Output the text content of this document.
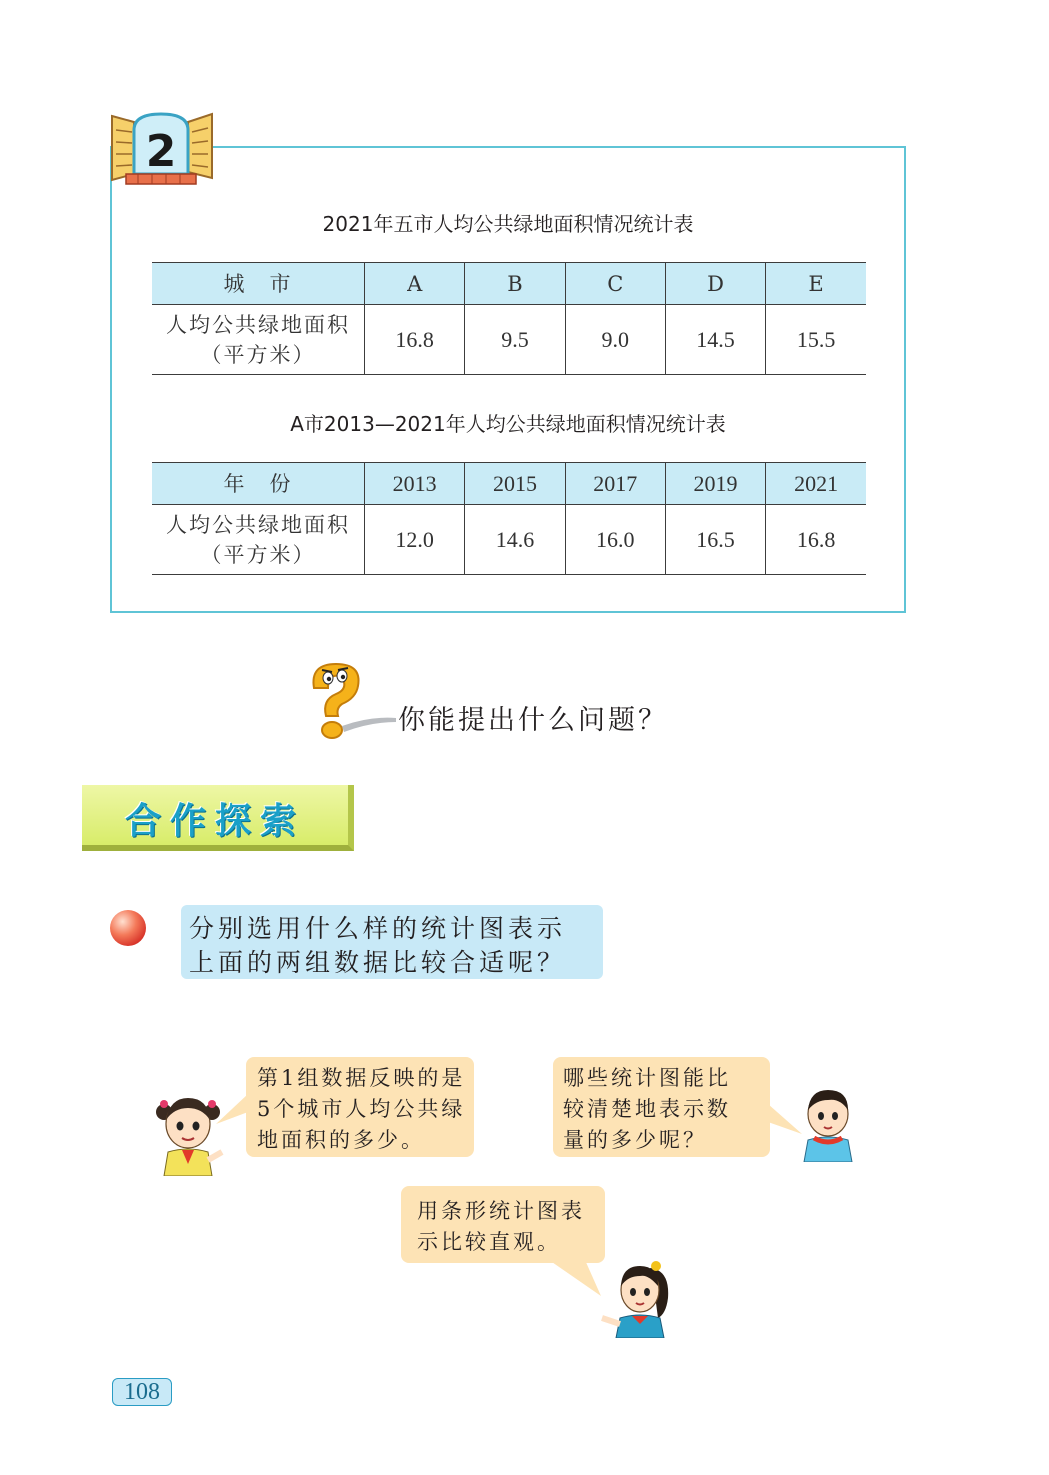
2
2021年五市人均公共绿地面积情况统计表
城　市	A	B	C	D	E

人均公共绿地面积
（平方米）	16.8	9.5	9.0	14.5	15.5
A市2013—2021年人均公共绿地面积情况统计表
年　份	2013	2015	2017	2019	2021

人均公共绿地面积
（平方米）	12.0	14.6	16.0	16.5	16.8
你能提出什么问题？
合作探索
分别选用什么样的统计图表示
上面的两组数据比较合适呢？
第1组数据反映的是
5个城市人均公共绿
地面积的多少。
哪些统计图能比
较清楚地表示数
量的多少呢？
用条形统计图表
示比较直观。
108
